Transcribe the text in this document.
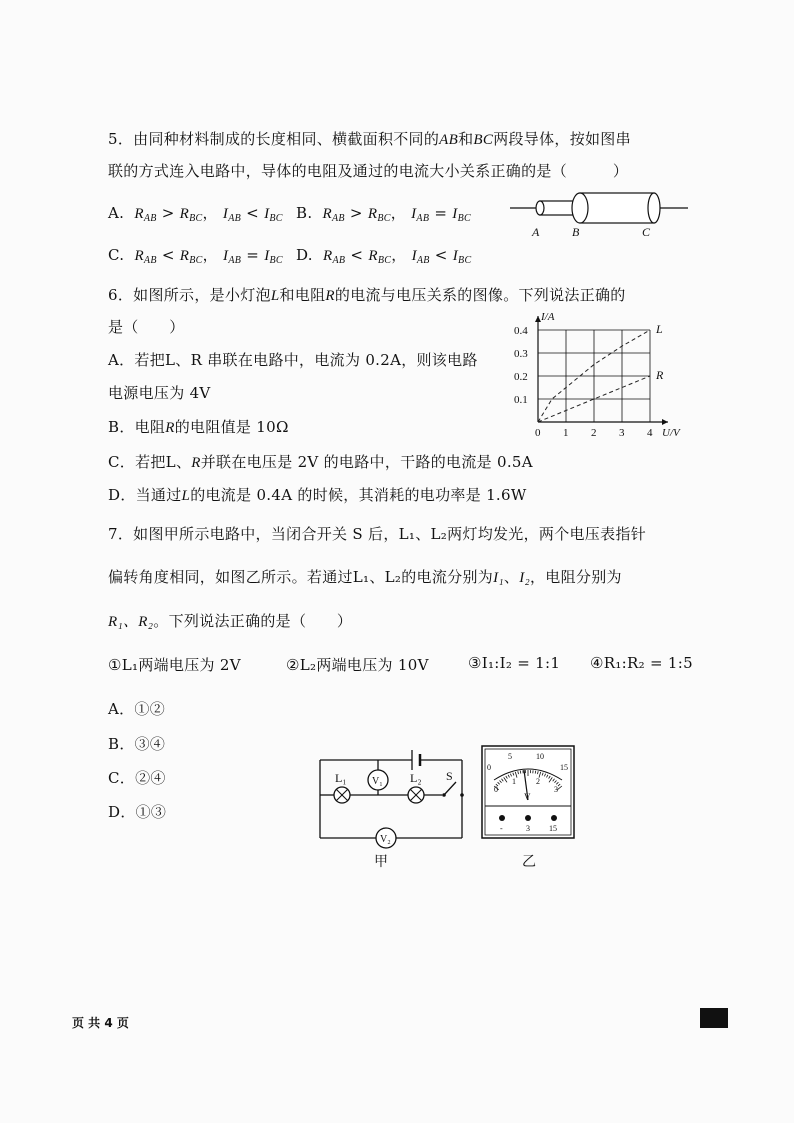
5．由同种材料制成的长度相同、横截面积不同的AB和BC两段导体，按如图串
联的方式连入电路中，导体的电阻及通过的电流大小关系正确的是（　　　）
A. $R_{AB} > R_{BC}$， $I_{AB} < I_{BC}$ B. $R_{AB} > R_{BC}$， $I_{AB} = I_{BC}$
C. $R_{AB} < R_{BC}$， $I_{AB} = I_{BC}$ D. $R_{AB} < R_{BC}$， $I_{AB} < I_{BC}$
A	B	C
6．如图所示，是小灯泡L和电阻R的电流与电压关系的图像。下列说法正确的
是（　　）
A．若把L、R 串联在电路中，电流为 0.2A，则该电路
电源电压为 4V
B．电阻R的电阻值是 10Ω
C．若把L、R并联在电压是 2V 的电路中，干路的电流是 0.5A
D．当通过L的电流是 0.4A 的时候，其消耗的电功率是 1.6W
L
R
0 1 2 3 4
0.1
0.2
0.3
0.4
I/A
U/V
7．如图甲所示电路中，当闭合开关 S 后，L₁、L₂两灯均发光，两个电压表指针
偏转角度相同，如图乙所示。若通过L₁、L₂的电流分别为I₁、I₂，电阻分别为
R₁、R₂。下列说法正确的是（　　）
①L₁两端电压为 2V	②L₂两端电压为 10V	③I₁:I₂ = 1:1 ④R₁:R₂ = 1:5
A．①②
B．③④
C．②④
D．①③
L₁	L₂
V₁
V₂
S
甲
0
5	10
15
0
1	2
3
V
-	3 15
乙
页 共 4 页
